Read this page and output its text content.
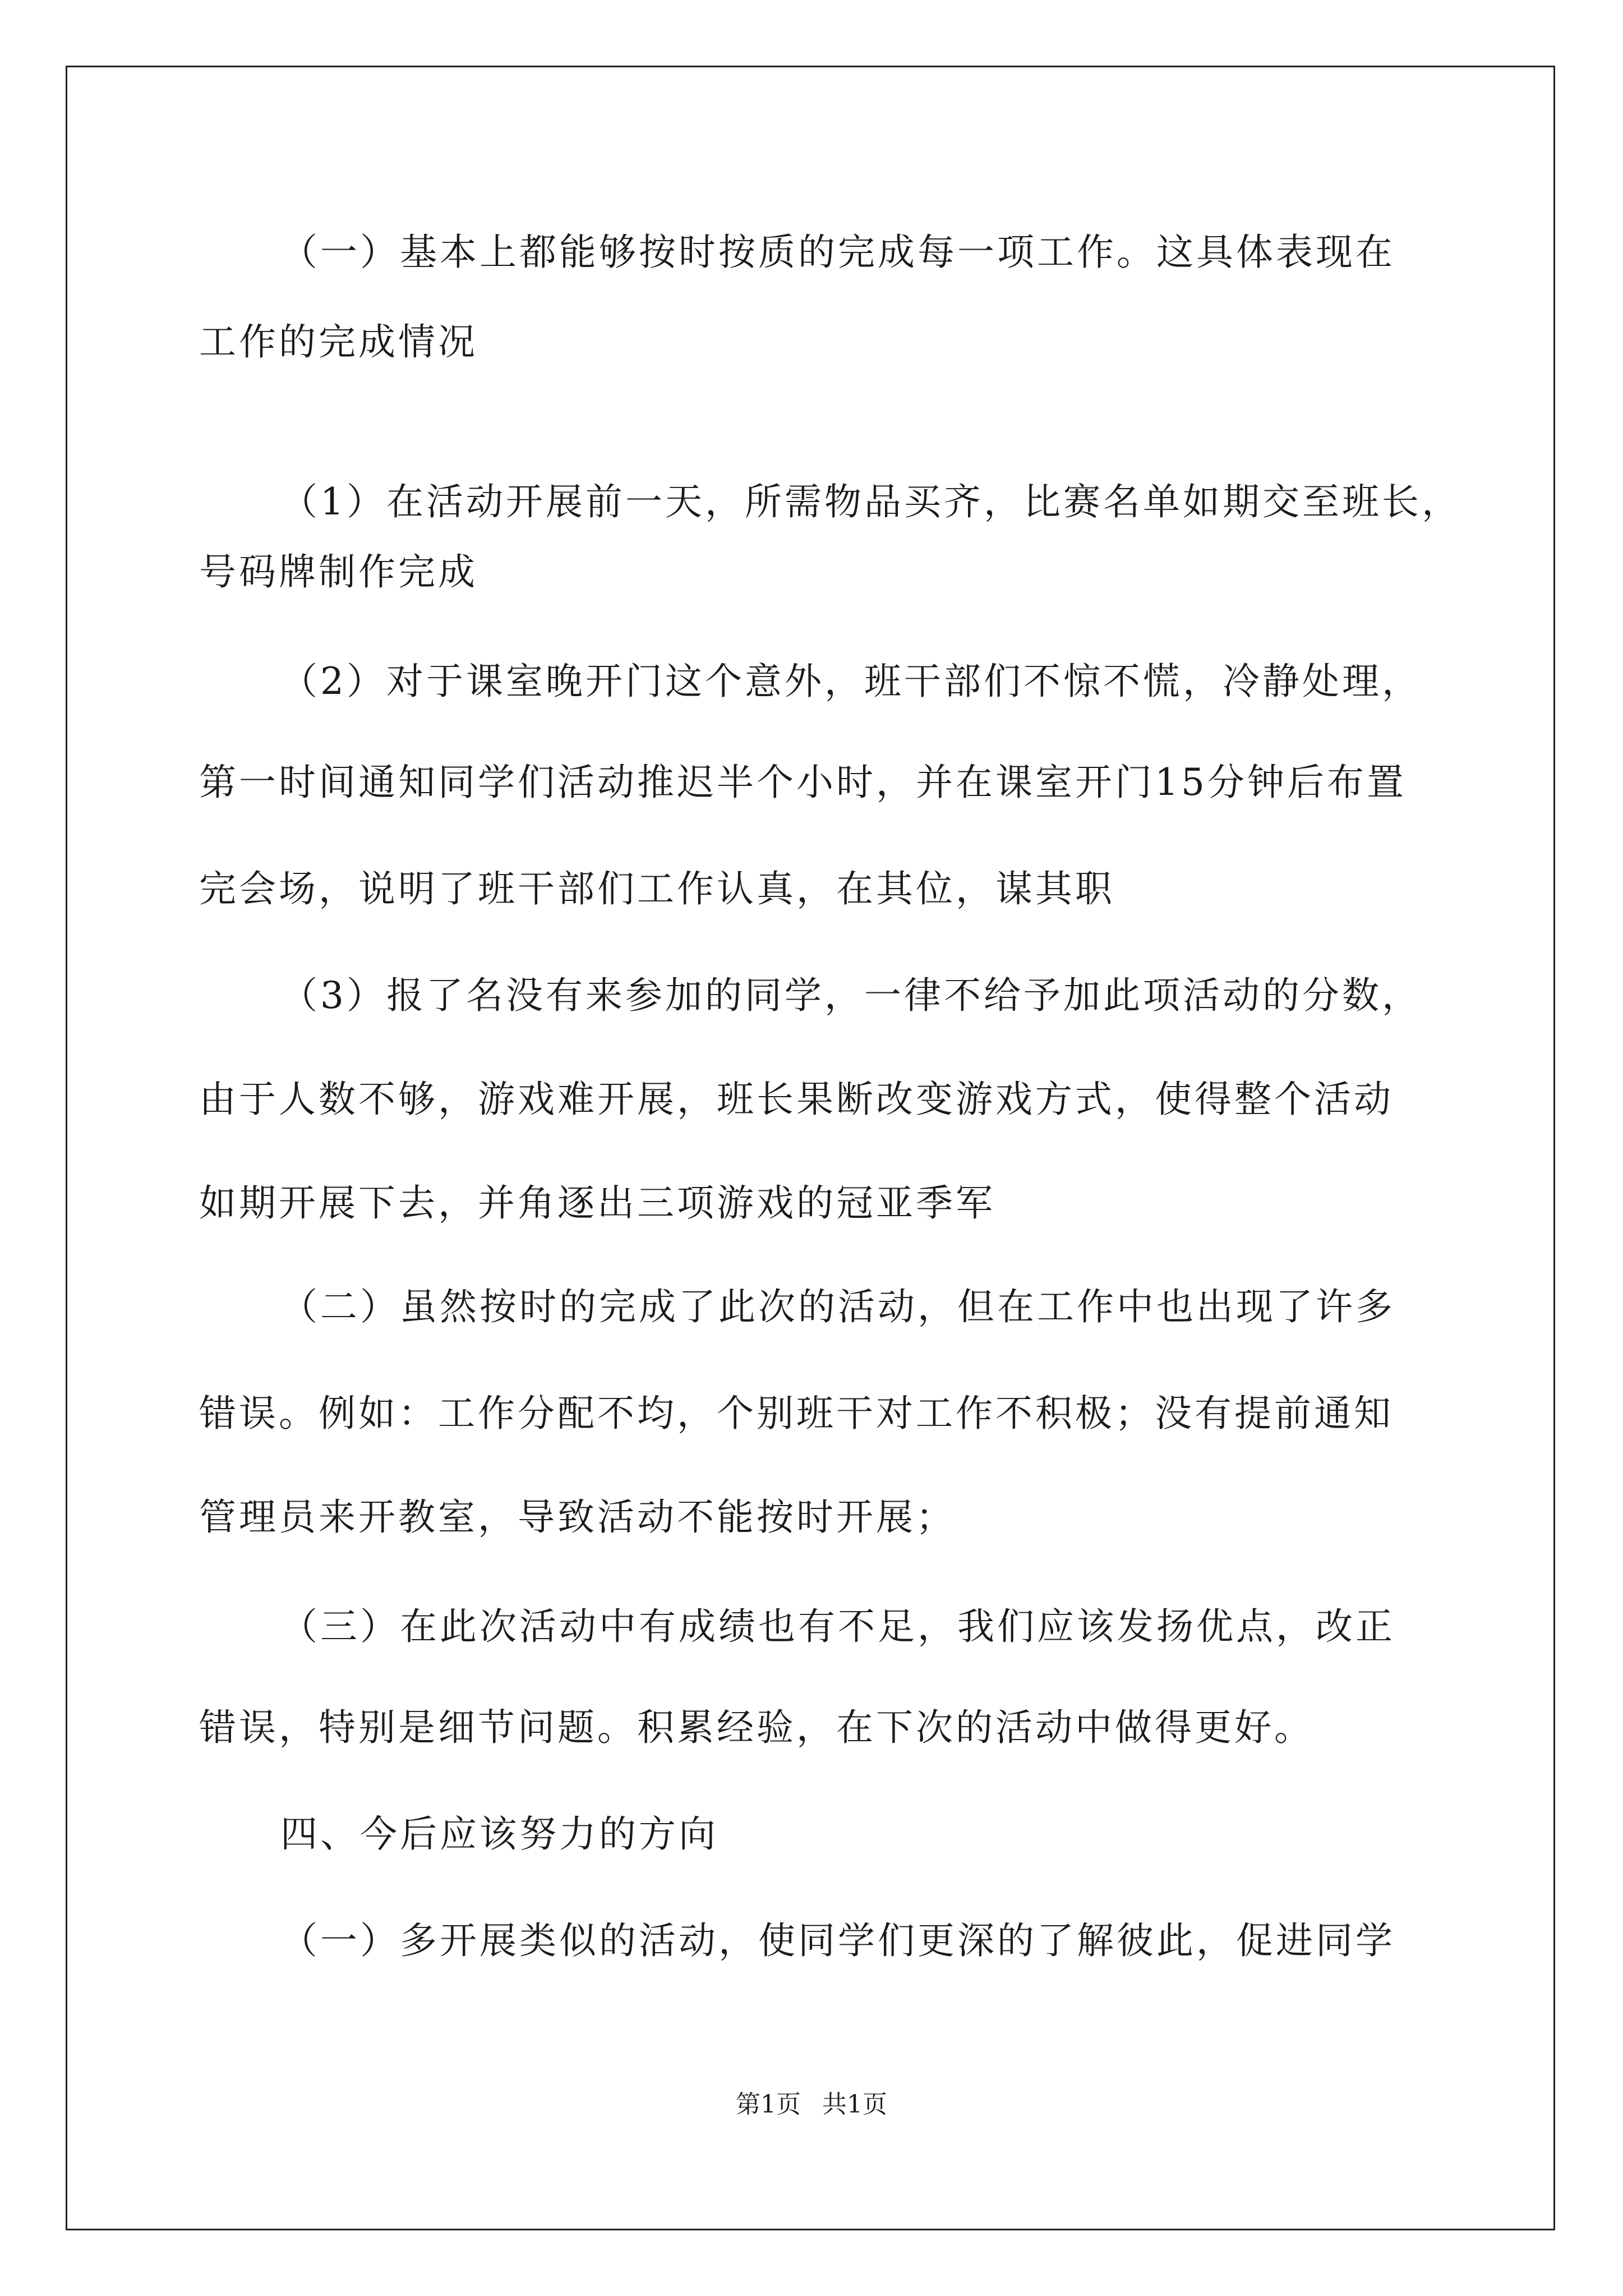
（一）基本上都能够按时按质的完成每一项工作。这具体表现在
工作的完成情况
（1）在活动开展前一天，所需物品买齐，比赛名单如期交至班长，
号码牌制作完成
（2）对于课室晚开门这个意外，班干部们不惊不慌，冷静处理，
第一时间通知同学们活动推迟半个小时，并在课室开门15分钟后布置
完会场，说明了班干部们工作认真，在其位，谋其职
（3）报了名没有来参加的同学，一律不给予加此项活动的分数，
由于人数不够，游戏难开展，班长果断改变游戏方式，使得整个活动
如期开展下去，并角逐出三项游戏的冠亚季军
（二）虽然按时的完成了此次的活动，但在工作中也出现了许多
错误。例如：工作分配不均，个别班干对工作不积极；没有提前通知
管理员来开教室，导致活动不能按时开展；
（三）在此次活动中有成绩也有不足，我们应该发扬优点，改正
错误，特别是细节问题。积累经验，在下次的活动中做得更好。
四、今后应该努力的方向
（一）多开展类似的活动，使同学们更深的了解彼此，促进同学
第1页 共1页
